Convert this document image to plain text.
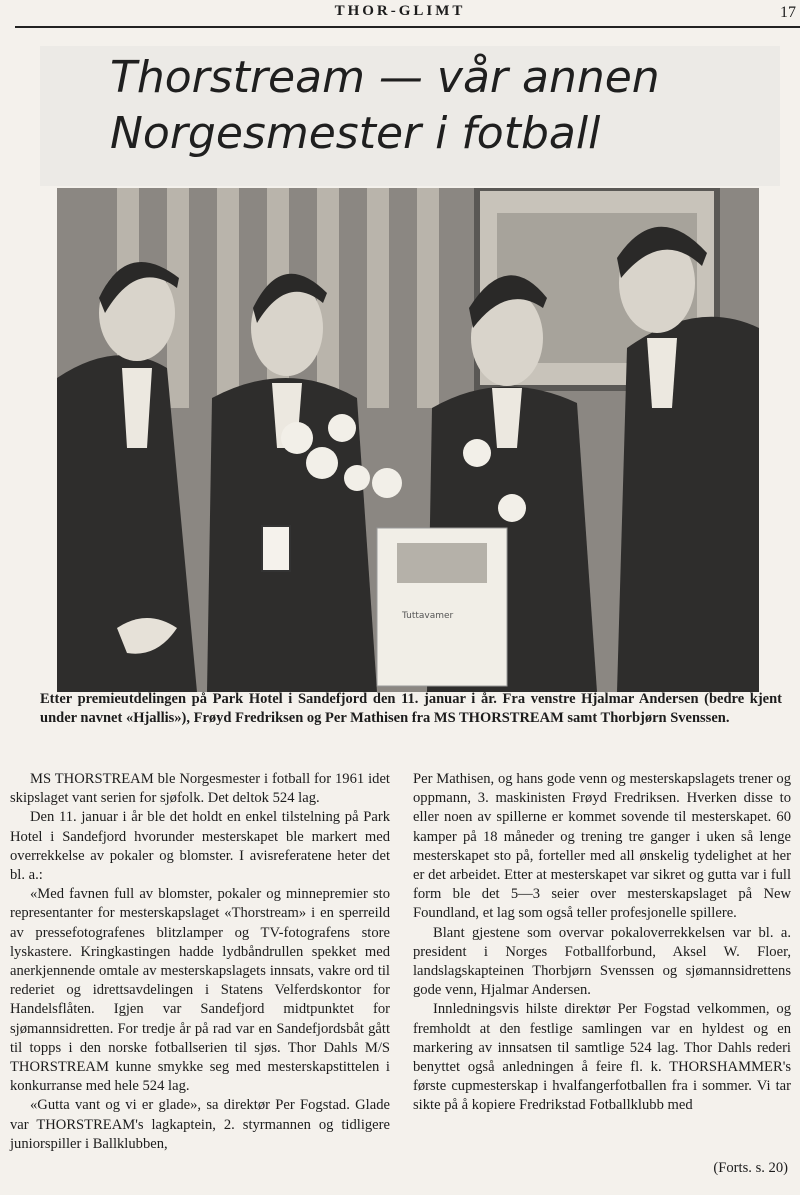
THOR-GLIMT	17
Thorstream — vår annen Norgesmester i fotball
Tuttavamer
Etter premieutdelingen på Park Hotel i Sandefjord den 11. januar i år. Fra venstre Hjalmar Andersen (bedre kjent under navnet «Hjallis»), Frøyd Fredriksen og Per Mathisen fra MS THORSTREAM samt Thorbjørn Svenssen.

MS THORSTREAM ble Norgesmester i fotball for 1961 idet skipslaget vant serien for sjøfolk. Det deltok 524 lag.

Den 11. januar i år ble det holdt en enkel tilstelning på Park Hotel i Sandefjord hvorunder mesterskapet ble markert med overrekkelse av pokaler og blomster. I avisreferatene heter det bl. a.:

«Med favnen full av blomster, pokaler og minnepremier sto representanter for mesterskapslaget «Thorstream» i en sperreild av pressefotografenes blitzlamper og TV-fotografens store lyskastere. Kringkastingen hadde lydbåndrullen spekket med anerkjennende omtale av mesterskapslagets innsats, vakre ord til rederiet og idrettsavdelingen i Statens Velferdskontor for Handelsflåten. Igjen var Sandefjord midtpunktet for sjømannsidretten. For tredje år på rad var en Sandefjordsbåt gått til topps i den norske fotballserien til sjøs. Thor Dahls M/S THORSTREAM kunne smykke seg med mesterskapstittelen i konkurranse med hele 524 lag.

«Gutta vant og vi er glade», sa direktør Per Fogstad. Glade var THORSTREAM's lagkaptein, 2. styrmannen og tidligere juniorspiller i Ballklubben,

Per Mathisen, og hans gode venn og mesterskapslagets trener og oppmann, 3. maskinisten Frøyd Fredriksen. Hverken disse to eller noen av spillerne er kommet sovende til mesterskapet. 60 kamper på 18 måneder og trening tre ganger i uken så lenge mesterskapet sto på, forteller med all ønskelig tydelighet at her er det arbeidet. Etter at mesterskapet var sikret og gutta var i full form ble det 5—3 seier over mesterskapslaget på New Foundland, et lag som også teller profesjonelle spillere.

Blant gjestene som overvar pokaloverrekkelsen var bl. a. president i Norges Fotballforbund, Aksel W. Floer, landslagskapteinen Thorbjørn Svenssen og sjømannsidrettens gode venn, Hjalmar Andersen.

Innledningsvis hilste direktør Per Fogstad velkommen, og fremholdt at den festlige samlingen var en hyldest og en markering av innsatsen til samtlige 524 lag. Thor Dahls rederi benyttet også anledningen å feire fl. k. THORSHAMMER's første cupmesterskap i hvalfangerfotballen fra i sommer. Vi tar sikte på å kopiere Fredrikstad Fotballklubb med

(Forts. s. 20)
